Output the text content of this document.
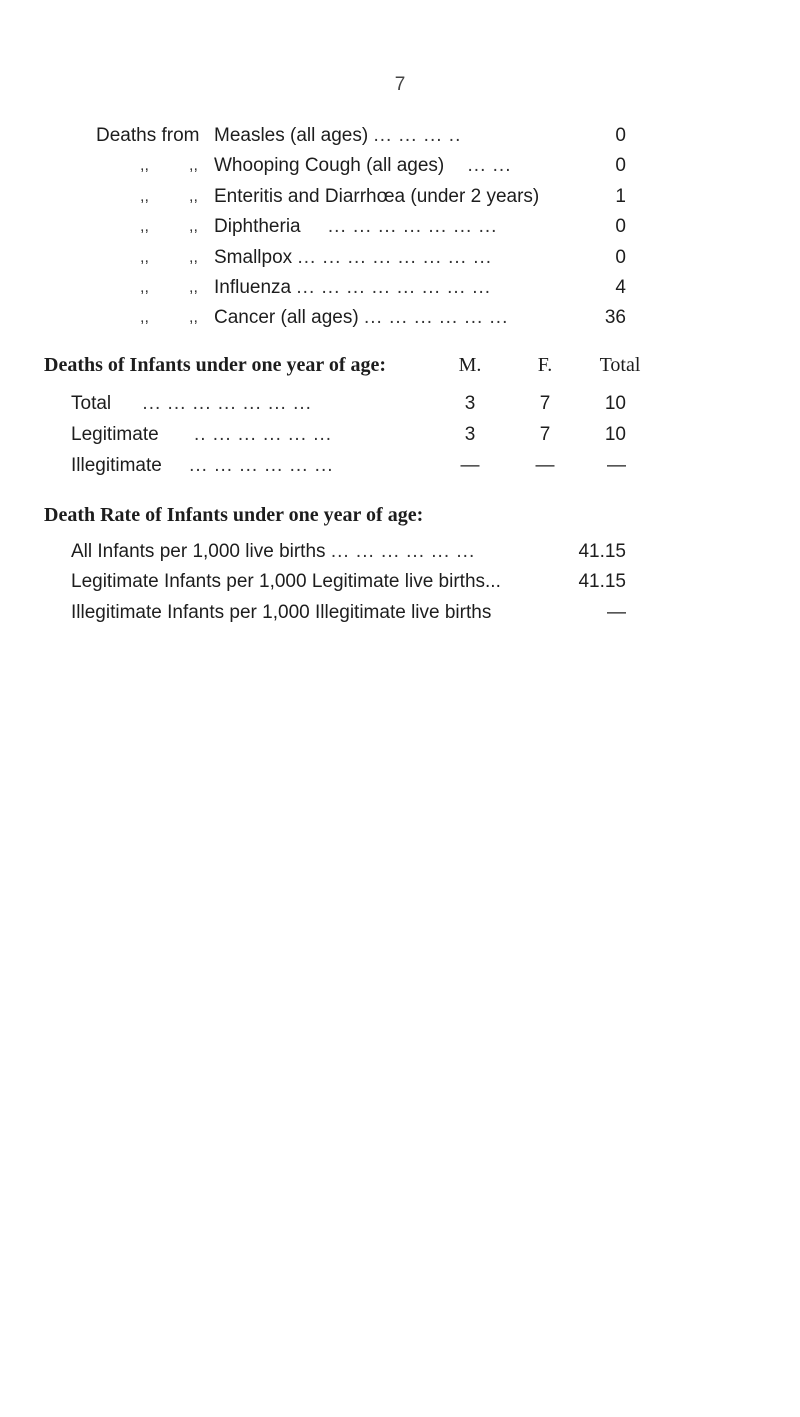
7
Deaths from Measles (all ages) ... ... ... ..	0
,,	,, Whooping Cough (all ages) ... ...	0
,,	,, Enteritis and Diarrhœa (under 2 years)	1
,,	,, Diphtheria ... ... ... ... ... ... ...	0
,,	,, Smallpox ... ... ... ... ... ... ... ...	0
,,	,, Influenza ... ... ... ... ... ... ... ...	4
,,	,, Cancer (all ages) ... ... ... ... ... ...	36
Deaths of Infants under one year of age:	M.	F.	Total
Total ... ... ... ... ... ... ...	3	7	10
Legitimate .. ... ... ... ... ...	3	7	10
Illegitimate ... ... ... ... ... ...	—	—	—
Death Rate of Infants under one year of age:
All Infants per 1,000 live births ... ... ... ... ... ...	41.15
Legitimate Infants per 1,000 Legitimate live births...	41.15
Illegitimate Infants per 1,000 Illegitimate live births	—
